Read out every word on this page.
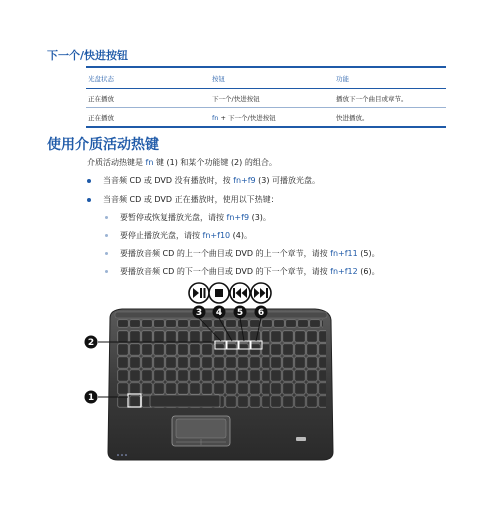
下一个/快进按钮
光盘状态	按钮	功能
正在播放	下一个/快进按钮	播放下一个曲目或章节。
正在播放	fn + 下一个/快进按钮	快进播放。
使用介质活动热键
介质活动热键是 fn 键 (1) 和某个功能键 (2) 的组合。
当音频 CD 或 DVD 没有播放时，按 fn+f9 (3) 可播放光盘。
当音频 CD 或 DVD 正在播放时，使用以下热键：
要暂停或恢复播放光盘，请按 fn+f9 (3)。
要停止播放光盘，请按 fn+f10 (4)。
要播放音频 CD 的上一个曲目或 DVD 的上一个章节，请按 fn+f11 (5)。
要播放音频 CD 的下一个曲目或 DVD 的下一个章节，请按 fn+f12 (6)。
1
2
3 4 5 6
